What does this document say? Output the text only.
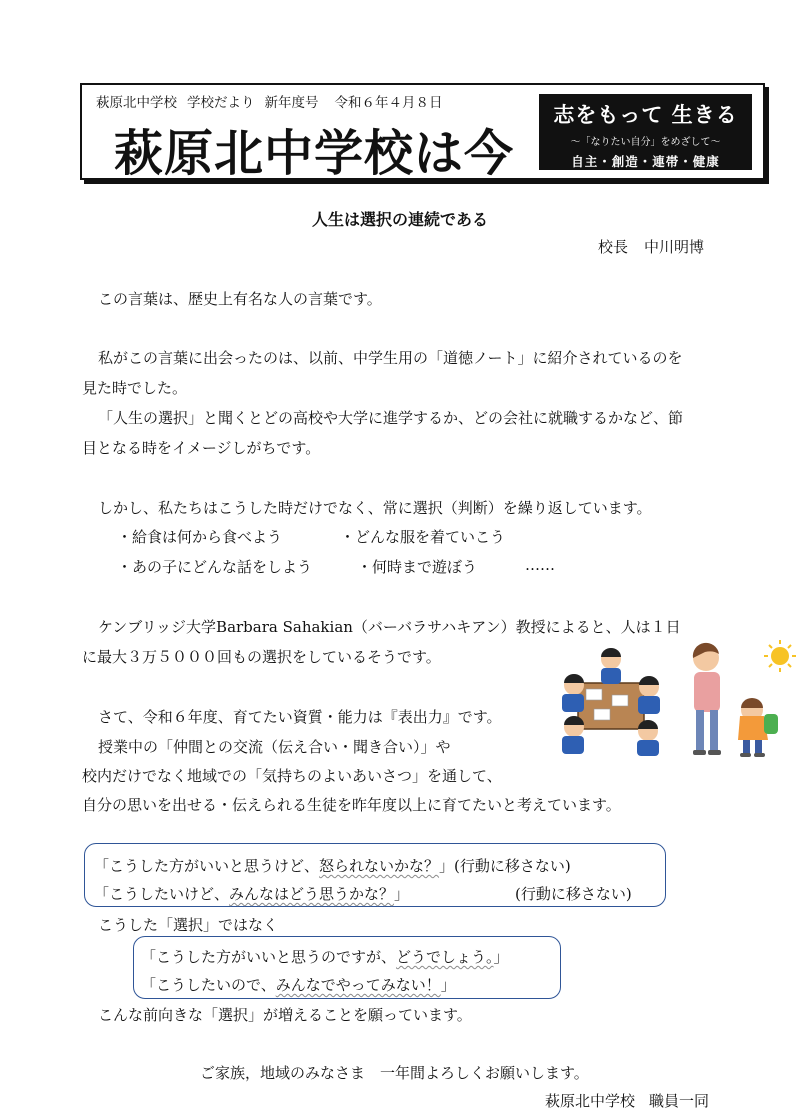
萩原北中学校 学校だより 新年度号 令和６年４月８日
萩原北中学校は今
志をもって 生きる
～「なりたい自分」をめざして～
自主・創造・連帯・健康
人生は選択の連続である
校長 中川明博
この言葉は、歴史上有名な人の言葉です。
私がこの言葉に出会ったのは、以前、中学生用の「道徳ノート」に紹介されているのを
見た時でした。
「人生の選択」と聞くとどの高校や大学に進学するか、どの会社に就職するかなど、節
目となる時をイメージしがちです。
しかし、私たちはこうした時だけでなく、常に選択（判断）を繰り返しています。
・給食は何から食べよう	・どんな服を着ていこう
・あの子にどんな話をしよう	・何時まで遊ぼう	……
ケンブリッジ大学Barbara Sahakian（バーバラサハキアン）教授によると、人は１日
に最大３万５０００回もの選択をしているそうです。
さて、令和６年度、育てたい資質・能力は『表出力』です。
授業中の「仲間との交流（伝え合い・聞き合い）」や
校内だけでなく地域での「気持ちのよいあいさつ」を通して、
自分の思いを出せる・伝えられる生徒を昨年度以上に育てたいと考えています。
「こうした方がいいと思うけど、怒られないかな？」(行動に移さない)
「こうしたいけど、みんなはどう思うかな？」	(行動に移さない)
こうした「選択」ではなく
「こうした方がいいと思うのですが、どうでしょう。」
「こうしたいので、みんなでやってみない！」
こんな前向きな「選択」が増えることを願っています。
ご家族，地域のみなさま　一年間よろしくお願いします。
萩原北中学校 職員一同
